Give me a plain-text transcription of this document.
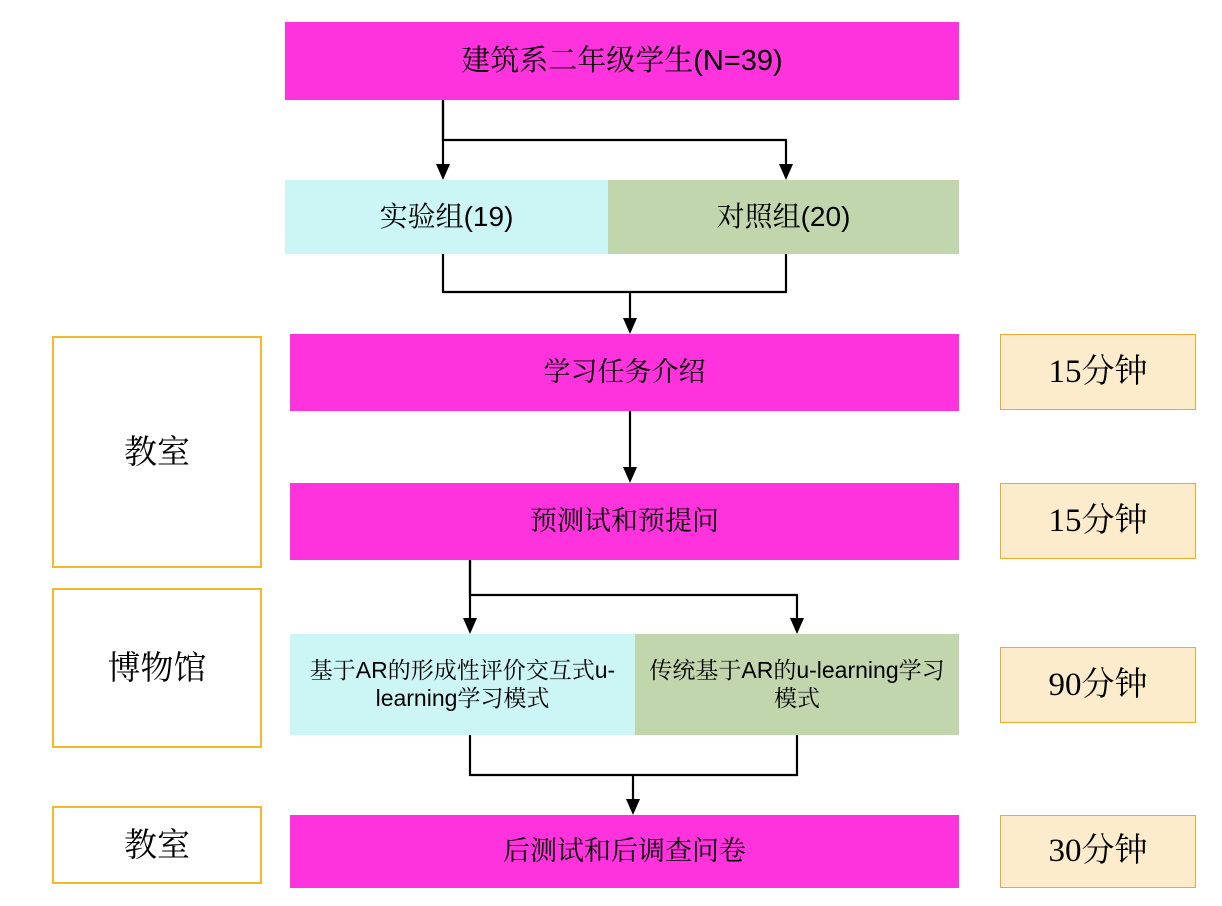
建筑系二年级学生(N=39)
实验组(19)	对照组(20)
教室
博物馆
教室
学习任务介绍
预测试和预提问
基于AR的形成性评价交互式u-learning学习模式
传统基于AR的u-learning学习模式
后测试和后调查问卷
15分钟
15分钟
90分钟
30分钟
